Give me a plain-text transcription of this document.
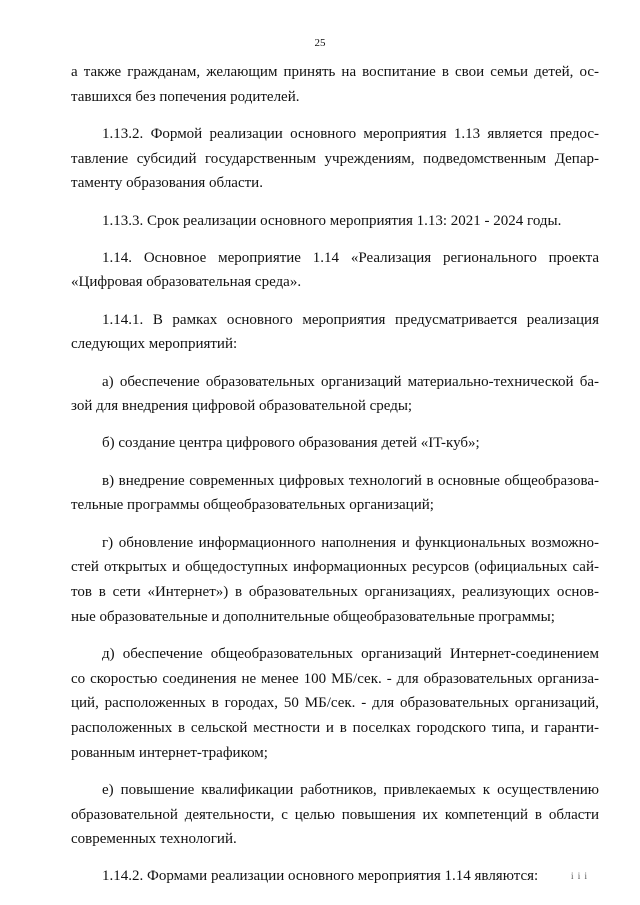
25
а также гражданам, желающим принять на воспитание в свои семьи детей, ос-
тавшихся без попечения родителей.
1.13.2. Формой реализации основного мероприятия 1.13 является предос-
тавление субсидий государственным учреждениям, подведомственным Депар-
таменту образования области.
1.13.3. Срок реализации основного мероприятия 1.13: 2021 - 2024 годы.
1.14. Основное мероприятие 1.14 «Реализация регионального проекта
«Цифровая образовательная среда».
1.14.1. В рамках основного мероприятия предусматривается реализация
следующих мероприятий:
а) обеспечение образовательных организаций материально-технической ба-
зой для внедрения цифровой образовательной среды;
б) создание центра цифрового образования детей «IT-куб»;
в) внедрение современных цифровых технологий в основные общеобразова-
тельные программы общеобразовательных организаций;
г) обновление информационного наполнения и функциональных возможно-
стей открытых и общедоступных информационных ресурсов (официальных сай-
тов в сети «Интернет») в образовательных организациях, реализующих основ-
ные образовательные и дополнительные общеобразовательные программы;
д) обеспечение общеобразовательных организаций Интернет-соединением
со скоростью соединения не менее 100 МБ/сек. - для образовательных организа-
ций, расположенных в городах, 50 МБ/сек. - для образовательных организаций,
расположенных в сельской местности и в поселках городского типа, и гаранти-
рованным интернет-трафиком;
е) повышение квалификации работников, привлекаемых к осуществлению
образовательной деятельности, с целью повышения их компетенций в области
современных технологий.
1.14.2. Формами реализации основного мероприятия 1.14 являются:	і і і
